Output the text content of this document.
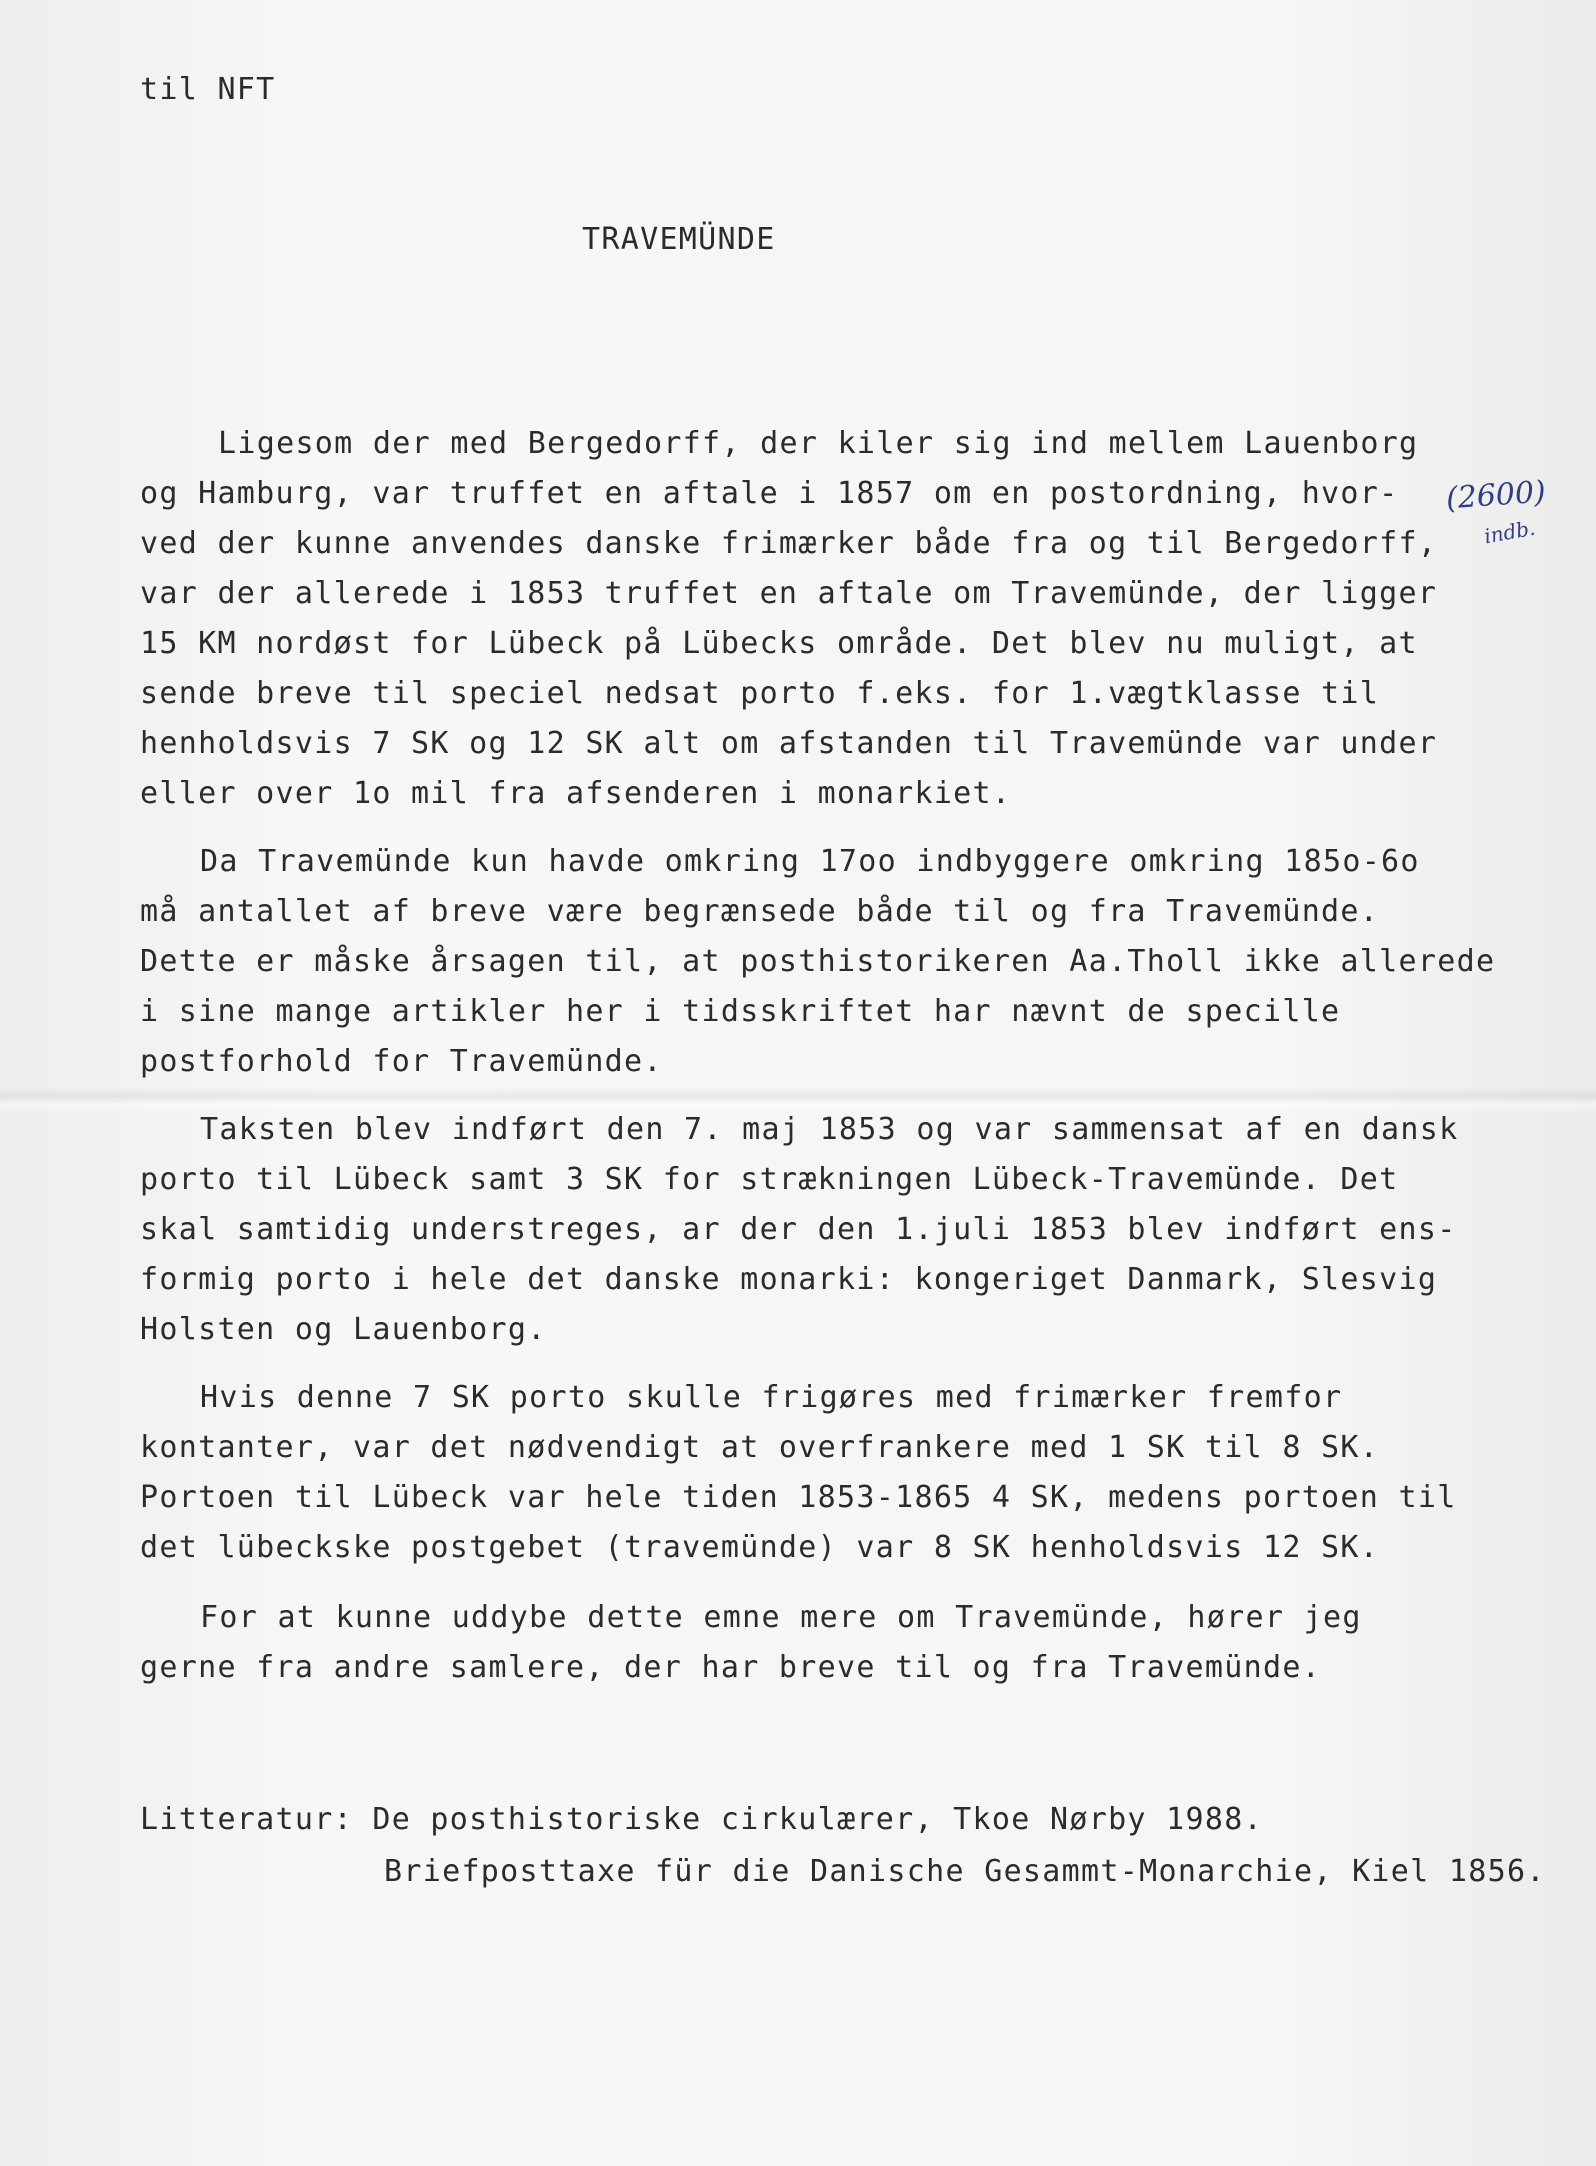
til NFT
TRAVEMÜNDE
Ligesom der med Bergedorff, der kiler sig ind mellem Lauenborg
og Hamburg, var truffet en aftale i 1857 om en postordning, hvor-
ved der kunne anvendes danske frimærker både fra og til Bergedorff,
var der allerede i 1853 truffet en aftale om Travemünde, der ligger
15 KM nordøst for Lübeck på Lübecks område. Det blev nu muligt, at
sende breve til speciel nedsat porto f.eks. for 1.vægtklasse til
henholdsvis 7 SK og 12 SK alt om afstanden til Travemünde var under
eller over 1o mil fra afsenderen i monarkiet.
(2600)
indb.
Da Travemünde kun havde omkring 17oo indbyggere omkring 185o-6o
må antallet af breve være begrænsede både til og fra Travemünde.
Dette er måske årsagen til, at posthistorikeren Aa.Tholl ikke allerede
i sine mange artikler her i tidsskriftet har nævnt de specille
postforhold for Travemünde.
Taksten blev indført den 7. maj 1853 og var sammensat af en dansk
porto til Lübeck samt 3 SK for strækningen Lübeck-Travemünde. Det
skal samtidig understreges, ar der den 1.juli 1853 blev indført ens-
formig porto i hele det danske monarki: kongeriget Danmark, Slesvig
Holsten og Lauenborg.
Hvis denne 7 SK porto skulle frigøres med frimærker fremfor
kontanter, var det nødvendigt at overfrankere med 1 SK til 8 SK.
Portoen til Lübeck var hele tiden 1853-1865 4 SK, medens portoen til
det lübeckske postgebet (travemünde) var 8 SK henholdsvis 12 SK.
For at kunne uddybe dette emne mere om Travemünde, hører jeg
gerne fra andre samlere, der har breve til og fra Travemünde.
Litteratur: De posthistoriske cirkulærer, Tkoe Nørby 1988.
Briefposttaxe für die Danische Gesammt-Monarchie, Kiel 1856.
